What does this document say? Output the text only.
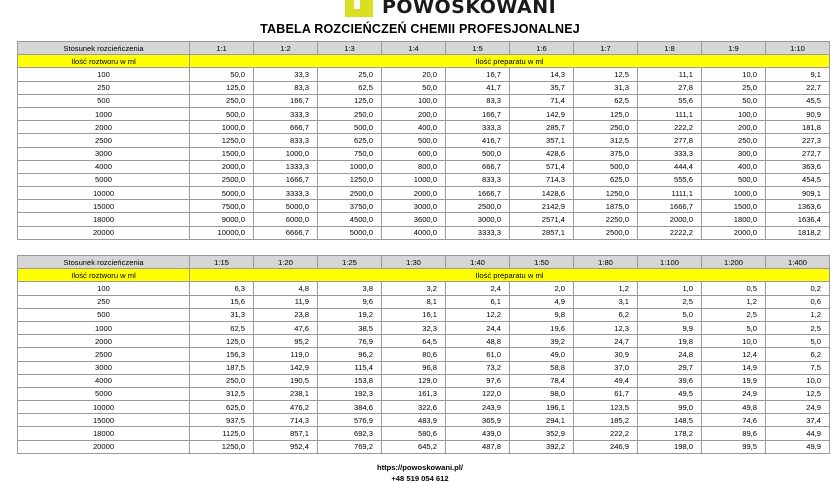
POWOSKOWANI
TABELA ROZCIEŃCZEŃ CHEMII PROFESJONALNEJ
Stosunek rozcieńczenia	1:1	1:2	1:3	1:4	1:5	1:6	1:7	1:8	1:9	1:10
Ilość roztworu w ml	Ilość preparatu w ml									
100	50,0	33,3	25,0	20,0	16,7	14,3	12,5	11,1	10,0	9,1
250	125,0	83,3	62,5	50,0	41,7	35,7	31,3	27,8	25,0	22,7
500	250,0	166,7	125,0	100,0	83,3	71,4	62,5	55,6	50,0	45,5
1000	500,0	333,3	250,0	200,0	166,7	142,9	125,0	111,1	100,0	90,9
2000	1000,0	666,7	500,0	400,0	333,3	285,7	250,0	222,2	200,0	181,8
2500	1250,0	833,3	625,0	500,0	416,7	357,1	312,5	277,8	250,0	227,3
3000	1500,0	1000,0	750,0	600,0	500,0	428,6	375,0	333,3	300,0	272,7
4000	2000,0	1333,3	1000,0	800,0	666,7	571,4	500,0	444,4	400,0	363,6
5000	2500,0	1666,7	1250,0	1000,0	833,3	714,3	625,0	555,6	500,0	454,5
10000	5000,0	3333,3	2500,0	2000,0	1666,7	1428,6	1250,0	1111,1	1000,0	909,1
15000	7500,0	5000,0	3750,0	3000,0	2500,0	2142,9	1875,0	1666,7	1500,0	1363,6
18000	9000,0	6000,0	4500,0	3600,0	3000,0	2571,4	2250,0	2000,0	1800,0	1636,4
20000	10000,0	6666,7	5000,0	4000,0	3333,3	2857,1	2500,0	2222,2	2000,0	1818,2
Stosunek rozcieńczenia	1:15	1:20	1:25	1:30	1:40	1:50	1:80	1:100	1:200	1:400
Ilość roztworu w ml	Ilość preparatu w ml									
100	6,3	4,8	3,8	3,2	2,4	2,0	1,2	1,0	0,5	0,2
250	15,6	11,9	9,6	8,1	6,1	4,9	3,1	2,5	1,2	0,6
500	31,3	23,8	19,2	16,1	12,2	9,8	6,2	5,0	2,5	1,2
1000	62,5	47,6	38,5	32,3	24,4	19,6	12,3	9,9	5,0	2,5
2000	125,0	95,2	76,9	64,5	48,8	39,2	24,7	19,8	10,0	5,0
2500	156,3	119,0	96,2	80,6	61,0	49,0	30,9	24,8	12,4	6,2
3000	187,5	142,9	115,4	96,8	73,2	58,8	37,0	29,7	14,9	7,5
4000	250,0	190,5	153,8	129,0	97,6	78,4	49,4	39,6	19,9	10,0
5000	312,5	238,1	192,3	161,3	122,0	98,0	61,7	49,5	24,9	12,5
10000	625,0	476,2	384,6	322,6	243,9	196,1	123,5	99,0	49,8	24,9
15000	937,5	714,3	576,9	483,9	365,9	294,1	185,2	148,5	74,6	37,4
18000	1125,0	857,1	692,3	580,6	439,0	352,9	222,2	178,2	89,6	44,9
20000	1250,0	952,4	769,2	645,2	487,8	392,2	246,9	198,0	99,5	49,9
https://powoskowani.pl/
+48 519 054 612
